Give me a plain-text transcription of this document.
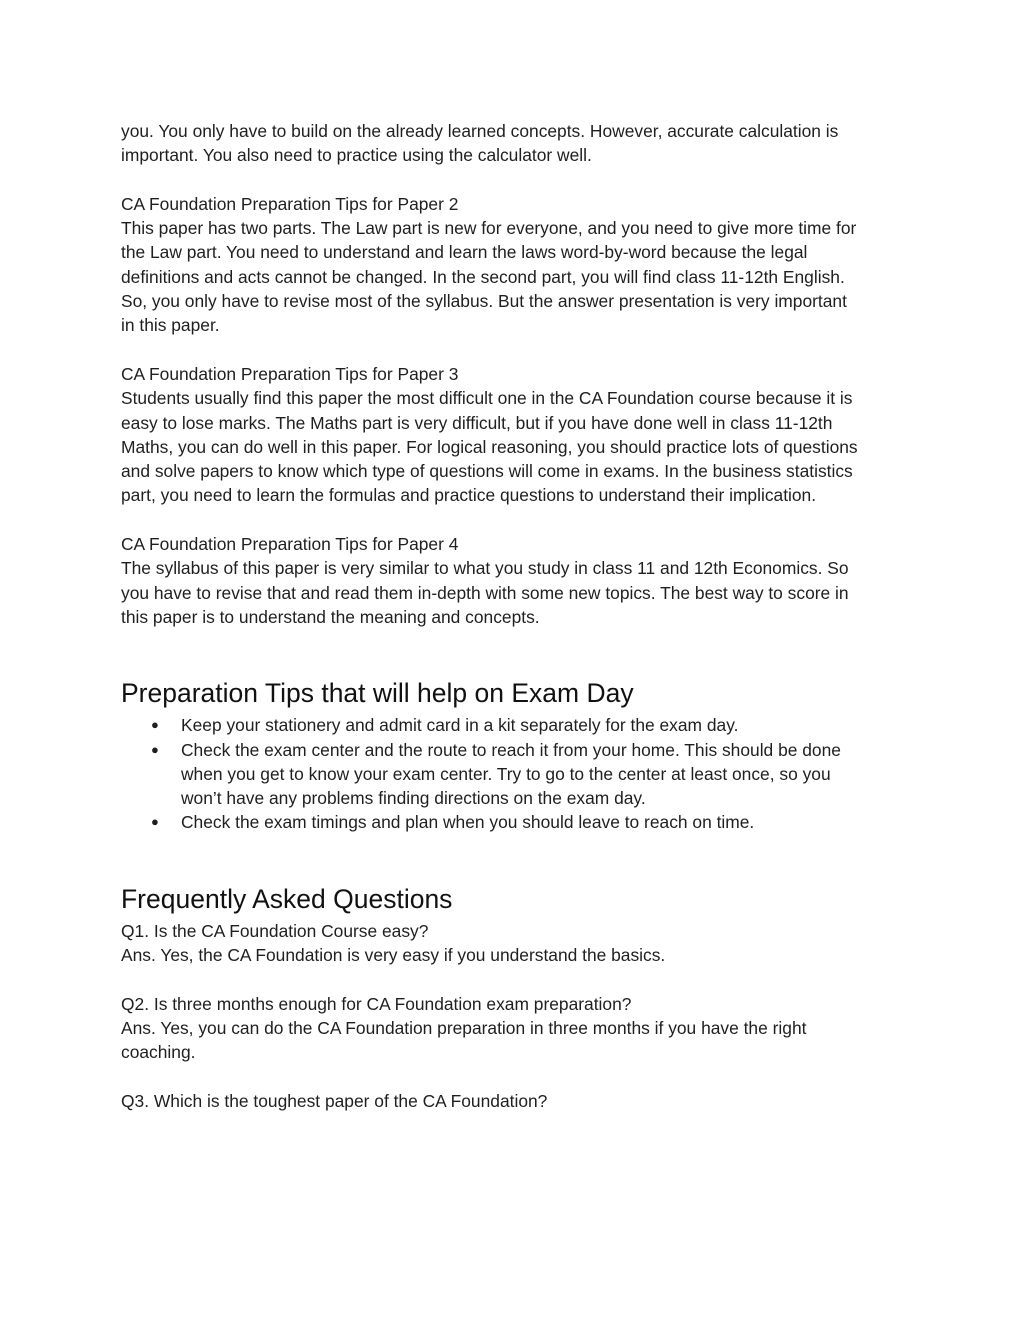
you. You only have to build on the already learned concepts. However, accurate calculation is

important. You also need to practice using the calculator well.

CA Foundation Preparation Tips for Paper 2

This paper has two parts. The Law part is new for everyone, and you need to give more time for

the Law part. You need to understand and learn the laws word-by-word because the legal

definitions and acts cannot be changed. In the second part, you will find class 11-12th English.

So, you only have to revise most of the syllabus. But the answer presentation is very important

in this paper.

CA Foundation Preparation Tips for Paper 3

Students usually find this paper the most difficult one in the CA Foundation course because it is

easy to lose marks. The Maths part is very difficult, but if you have done well in class 11-12th

Maths, you can do well in this paper. For logical reasoning, you should practice lots of questions

and solve papers to know which type of questions will come in exams. In the business statistics

part, you need to learn the formulas and practice questions to understand their implication.

CA Foundation Preparation Tips for Paper 4

The syllabus of this paper is very similar to what you study in class 11 and 12th Economics. So

you have to revise that and read them in-depth with some new topics. The best way to score in

this paper is to understand the meaning and concepts.

Preparation Tips that will help on Exam Day
● Keep your stationery and admit card in a kit separately for the exam day.
● Check the exam center and the route to reach it from your home. This should be done
when you get to know your exam center. Try to go to the center at least once, so you
won’t have any problems finding directions on the exam day.
● Check the exam timings and plan when you should leave to reach on time.
Frequently Asked Questions

Q1. Is the CA Foundation Course easy?

Ans. Yes, the CA Foundation is very easy if you understand the basics.

Q2. Is three months enough for CA Foundation exam preparation?

Ans. Yes, you can do the CA Foundation preparation in three months if you have the right

coaching.

Q3. Which is the toughest paper of the CA Foundation?
